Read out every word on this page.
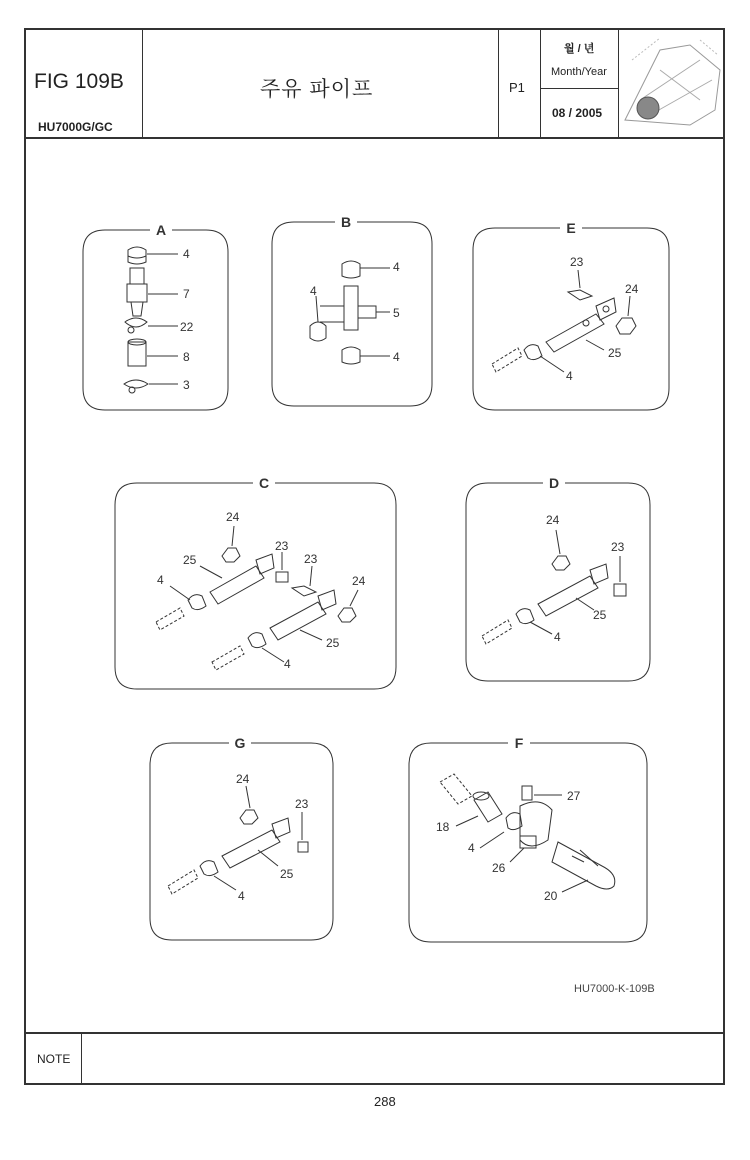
FIG 109B
HU7000G/GC
주유 파이프	P1
월 / 년
Month/Year
08 / 2005
NOTE
HU7000-K-109B
288
A	B	E
C	D
G	F
4
7
22
8
3
4
4
5
4
23
24
25
4
24
23
23
25
24
4
25
4
24
23
25
4
24
23
25
4
27
18
4
26
20
